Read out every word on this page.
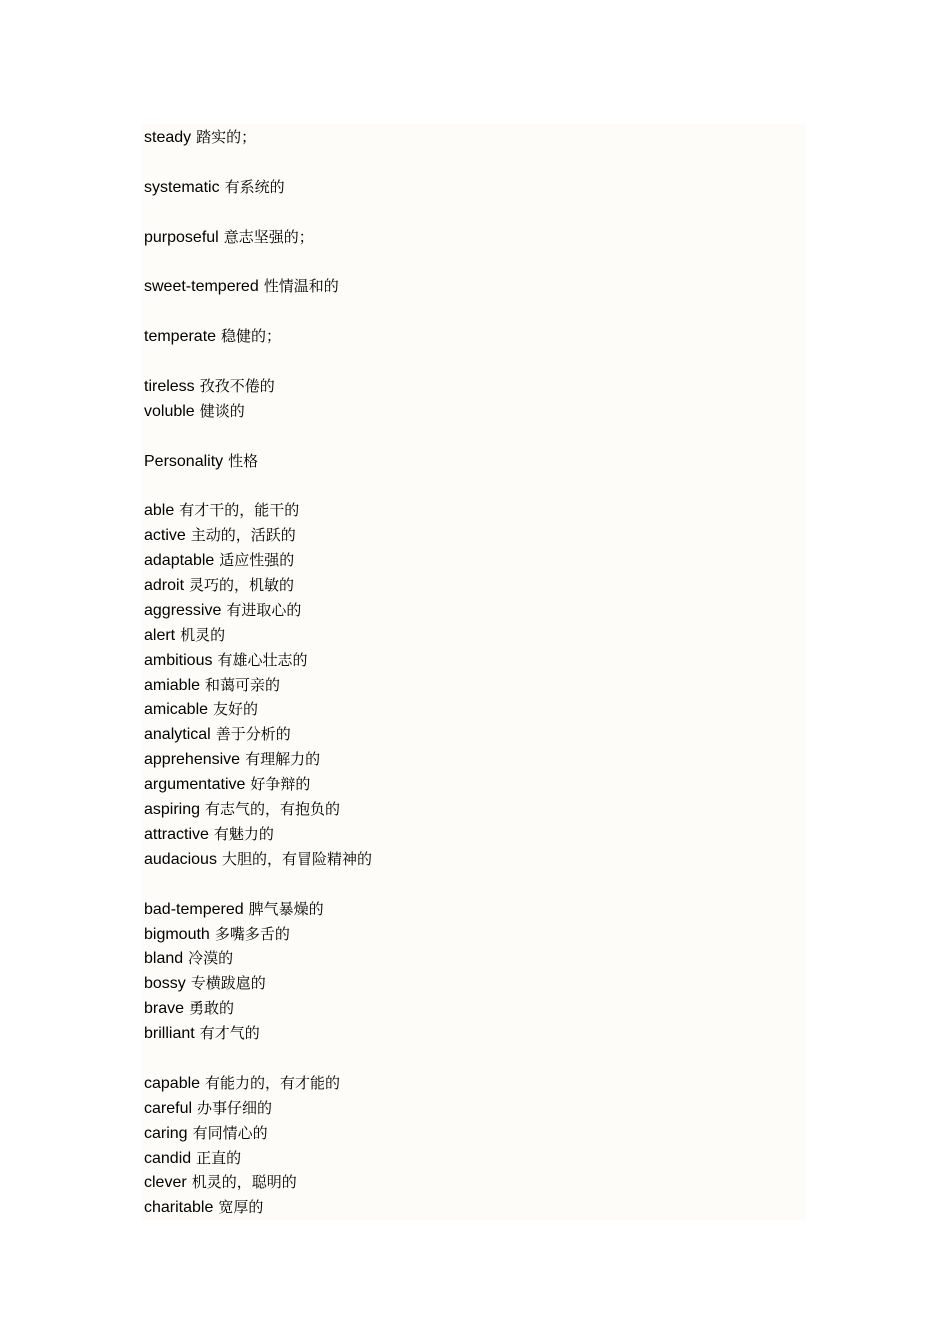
steady 踏实的；
systematic 有系统的
purposeful 意志坚强的；
sweet-tempered 性情温和的
temperate 稳健的；
tireless 孜孜不倦的
voluble 健谈的
Personality 性格
able 有才干的，能干的
active 主动的，活跃的
adaptable 适应性强的
adroit 灵巧的，机敏的
aggressive 有进取心的
alert 机灵的
ambitious 有雄心壮志的
amiable 和蔼可亲的
amicable 友好的
analytical 善于分析的
apprehensive 有理解力的
argumentative 好争辩的
aspiring 有志气的，有抱负的
attractive 有魅力的
audacious 大胆的，有冒险精神的
bad-tempered 脾气暴燥的
bigmouth 多嘴多舌的
bland 冷漠的
bossy 专横跋扈的
brave 勇敢的
brilliant 有才气的
capable 有能力的，有才能的
careful 办事仔细的
caring 有同情心的
candid 正直的
clever 机灵的，聪明的
charitable 宽厚的
